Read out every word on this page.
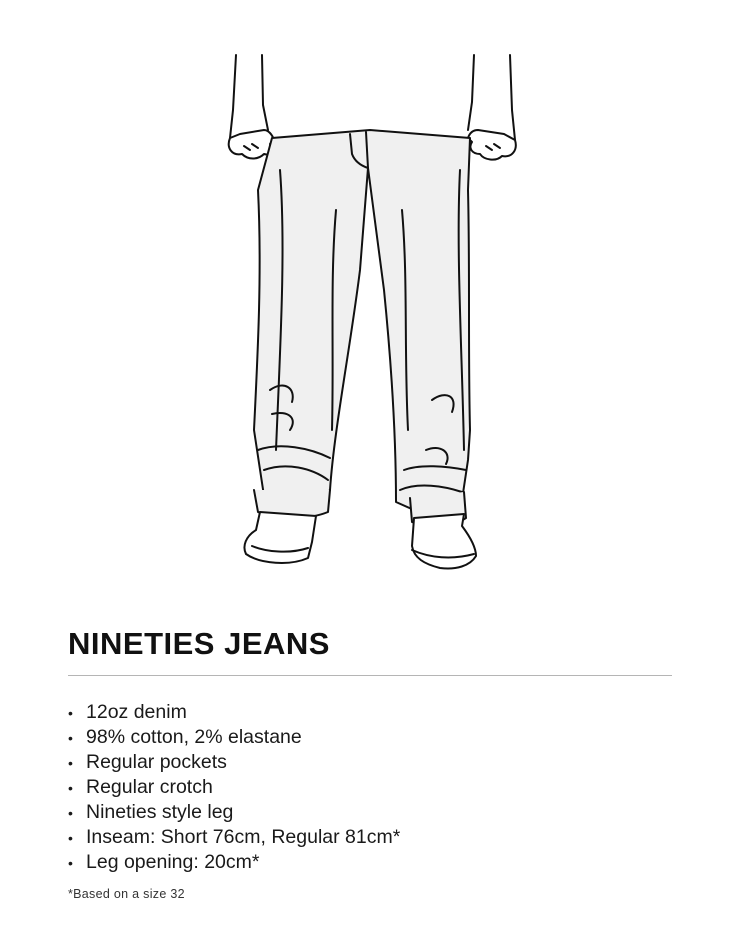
NINETIES JEANS
• 12oz denim
• 98% cotton, 2% elastane
• Regular pockets
• Regular crotch
• Nineties style leg
• Inseam: Short 76cm, Regular 81cm*
• Leg opening: 20cm*
*Based on a size 32
